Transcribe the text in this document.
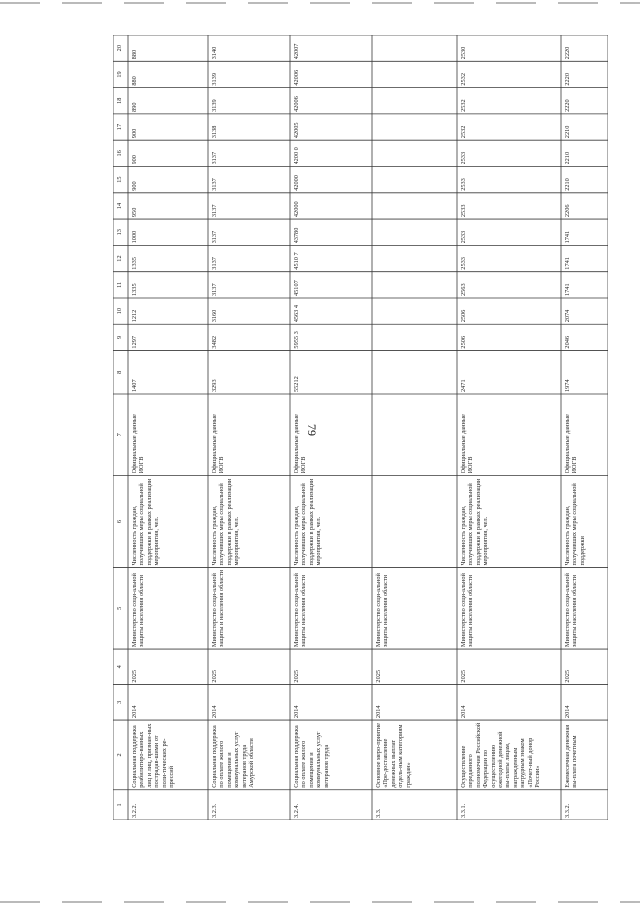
79
1
2
3
4
5
6
7
8
9
10
11
12
13
14
15
16
17
18
19
20
3.2.2.
Социальная поддержка реабилитиро-ванных лиц и лиц, признан-ных пострадав-шими от поли-тических ре-прессий
2014
2025
Министерство соци-альной защиты населения области
Численность граждан, получивших меры социальной поддержки в рамках реализации мероприятия, чел.
Официальные данные ИОГВ
1407
1297
1212
1335
1335
1000
950
900
900
900
890
880
880
3.2.3.
Социальная поддержка по оплате жилого помещения и коммунальных услуг ветеранов труда Амурской области
2014
2025
Министерство соци-альной защиты и населения области
Численность граждан, получивших меры социальной поддержки в рамках реализации мероприятия, чел.
Официальные данные ИОГВ
3293
3482
3160
3137
3137
3137
3137
3137
3137
3138
3139
3139
3140
3.2.4.
Социальная поддержка по оплате жилого помещения и коммунальных услуг ветеранов труда
2014
2025
Министерство соци-альной защиты населения области
Численность граждан, получивших меры социальной поддержки в рамках реализации мероприятия, чел.
Официальные данные ИОГВ
55212
5955 3
4563 4
45107
4510 7
43780
42000
42000
4200 0
42005
42006
42006
42007
3.3.
Основное меро-приятие «Пре-доставление денежных выплат отдель-ным категориям граждан»
2014
2025
Министерство соци-альной защиты населения области
3.3.1.
Осуществление переданного полномочия Российской Федерации по осуществлению ежегодной денежной вы-платы лицам, награжденным нагрудным знаком «Почет-ный донор России»
2014
2025
Министерство соци-альной защиты населения области
Численность граждан, получивших меры социальной поддержки в рамках реализации мероприятия, чел.
Официальные данные ИОГВ
2471
2506
2506
2563
2533
2533
2533
2533
2533
2532
2532
2532
2530
3.3.2.
Ежемесячная денежная вы-плата почетным
2014
2025
Министерство соци-альной защиты населения области
Численность граждан, получивших меры социальной поддержки
Официальные данные ИОГВ
1974
2046
2074
1741
1741
1741
2206
2210
2210
2210
2220
2220
2220
